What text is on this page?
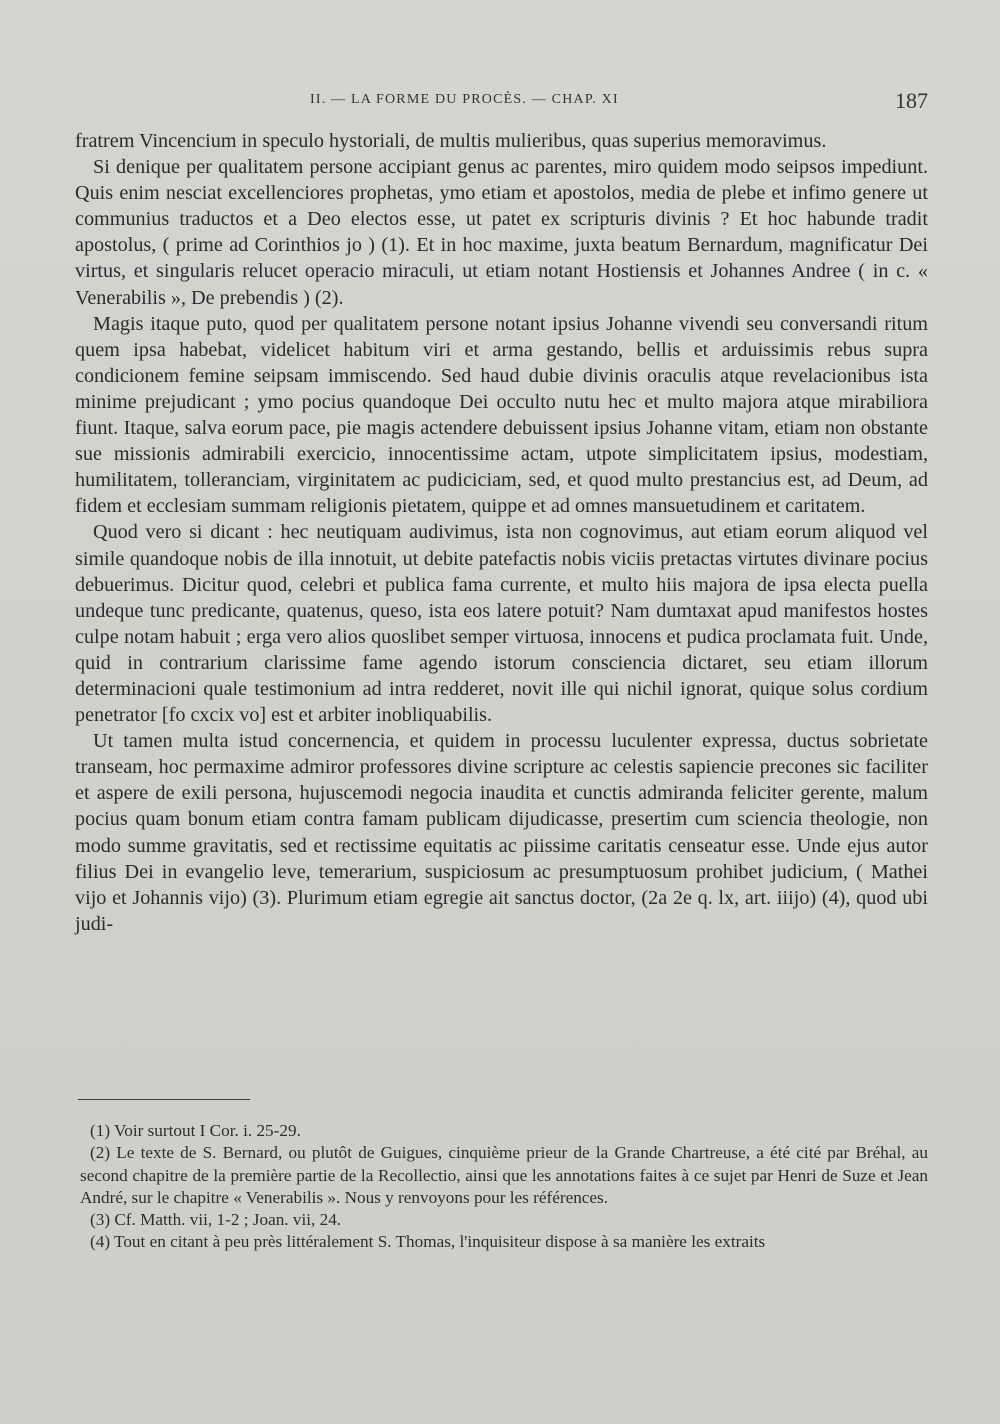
II. — LA FORME DU PROCÈS. — CHAP. XI	187

fratrem Vincencium in speculo hystoriali, de multis mulieribus, quas superius memoravimus.

Si denique per qualitatem persone accipiant genus ac parentes, miro quidem modo seipsos impediunt. Quis enim nesciat excellenciores prophetas, ymo etiam et apostolos, media de plebe et infimo genere ut communius traductos et a Deo electos esse, ut patet ex scripturis divinis ? Et hoc habunde tradit apostolus, ( prime ad Corinthios jo ) (1). Et in hoc maxime, juxta beatum Bernardum, magnificatur Dei virtus, et singularis relucet operacio miraculi, ut etiam notant Hostiensis et Johannes Andree ( in c. « Venerabilis », De prebendis ) (2).

Magis itaque puto, quod per qualitatem persone notant ipsius Johanne vivendi seu conversandi ritum quem ipsa habebat, videlicet habitum viri et arma gestando, bellis et arduissimis rebus supra condicionem femine seipsam immiscendo. Sed haud dubie divinis oraculis atque revelacionibus ista minime prejudicant ; ymo pocius quandoque Dei occulto nutu hec et multo majora atque mirabiliora fiunt. Itaque, salva eorum pace, pie magis actendere debuissent ipsius Johanne vitam, etiam non obstante sue missionis admirabili exercicio, innocentissime actam, utpote simplicitatem ipsius, modestiam, humilitatem, tolleranciam, virginitatem ac pudiciciam, sed, et quod multo prestancius est, ad Deum, ad fidem et ecclesiam summam religionis pietatem, quippe et ad omnes mansuetudinem et caritatem.

Quod vero si dicant : hec neutiquam audivimus, ista non cognovimus, aut etiam eorum aliquod vel simile quandoque nobis de illa innotuit, ut debite patefactis nobis viciis pretactas virtutes divinare pocius debuerimus. Dicitur quod, celebri et publica fama currente, et multo hiis majora de ipsa electa puella undeque tunc predicante, quatenus, queso, ista eos latere potuit? Nam dumtaxat apud manifestos hostes culpe notam habuit ; erga vero alios quoslibet semper virtuosa, innocens et pudica proclamata fuit. Unde, quid in contrarium clarissime fame agendo istorum consciencia dictaret, seu etiam illorum determinacioni quale testimonium ad intra redderet, novit ille qui nichil ignorat, quique solus cordium penetrator [fo cxcix vo] est et arbiter inobliquabilis.

Ut tamen multa istud concernencia, et quidem in processu luculenter expressa, ductus sobrietate transeam, hoc permaxime admiror professores divine scripture ac celestis sapiencie precones sic faciliter et aspere de exili persona, hujuscemodi negocia inaudita et cunctis admiranda feliciter gerente, malum pocius quam bonum etiam contra famam publicam dijudicasse, presertim cum sciencia theologie, non modo summe gravitatis, sed et rectissime equitatis ac piissime caritatis censeatur esse. Unde ejus autor filius Dei in evangelio leve, temerarium, suspiciosum ac presumptuosum prohibet judicium, ( Mathei vijo et Johannis vijo) (3). Plurimum etiam egregie ait sanctus doctor, (2a 2e q. lx, art. iiijo) (4), quod ubi judi-

(1) Voir surtout I Cor. i. 25-29.

(2) Le texte de S. Bernard, ou plutôt de Guigues, cinquième prieur de la Grande Chartreuse, a été cité par Bréhal, au second chapitre de la première partie de la Recollectio, ainsi que les annotations faites à ce sujet par Henri de Suze et Jean André, sur le chapitre « Venerabilis ». Nous y renvoyons pour les références.

(3) Cf. Matth. vii, 1-2 ; Joan. vii, 24.

(4) Tout en citant à peu près littéralement S. Thomas, l'inquisiteur dispose à sa manière les extraits
